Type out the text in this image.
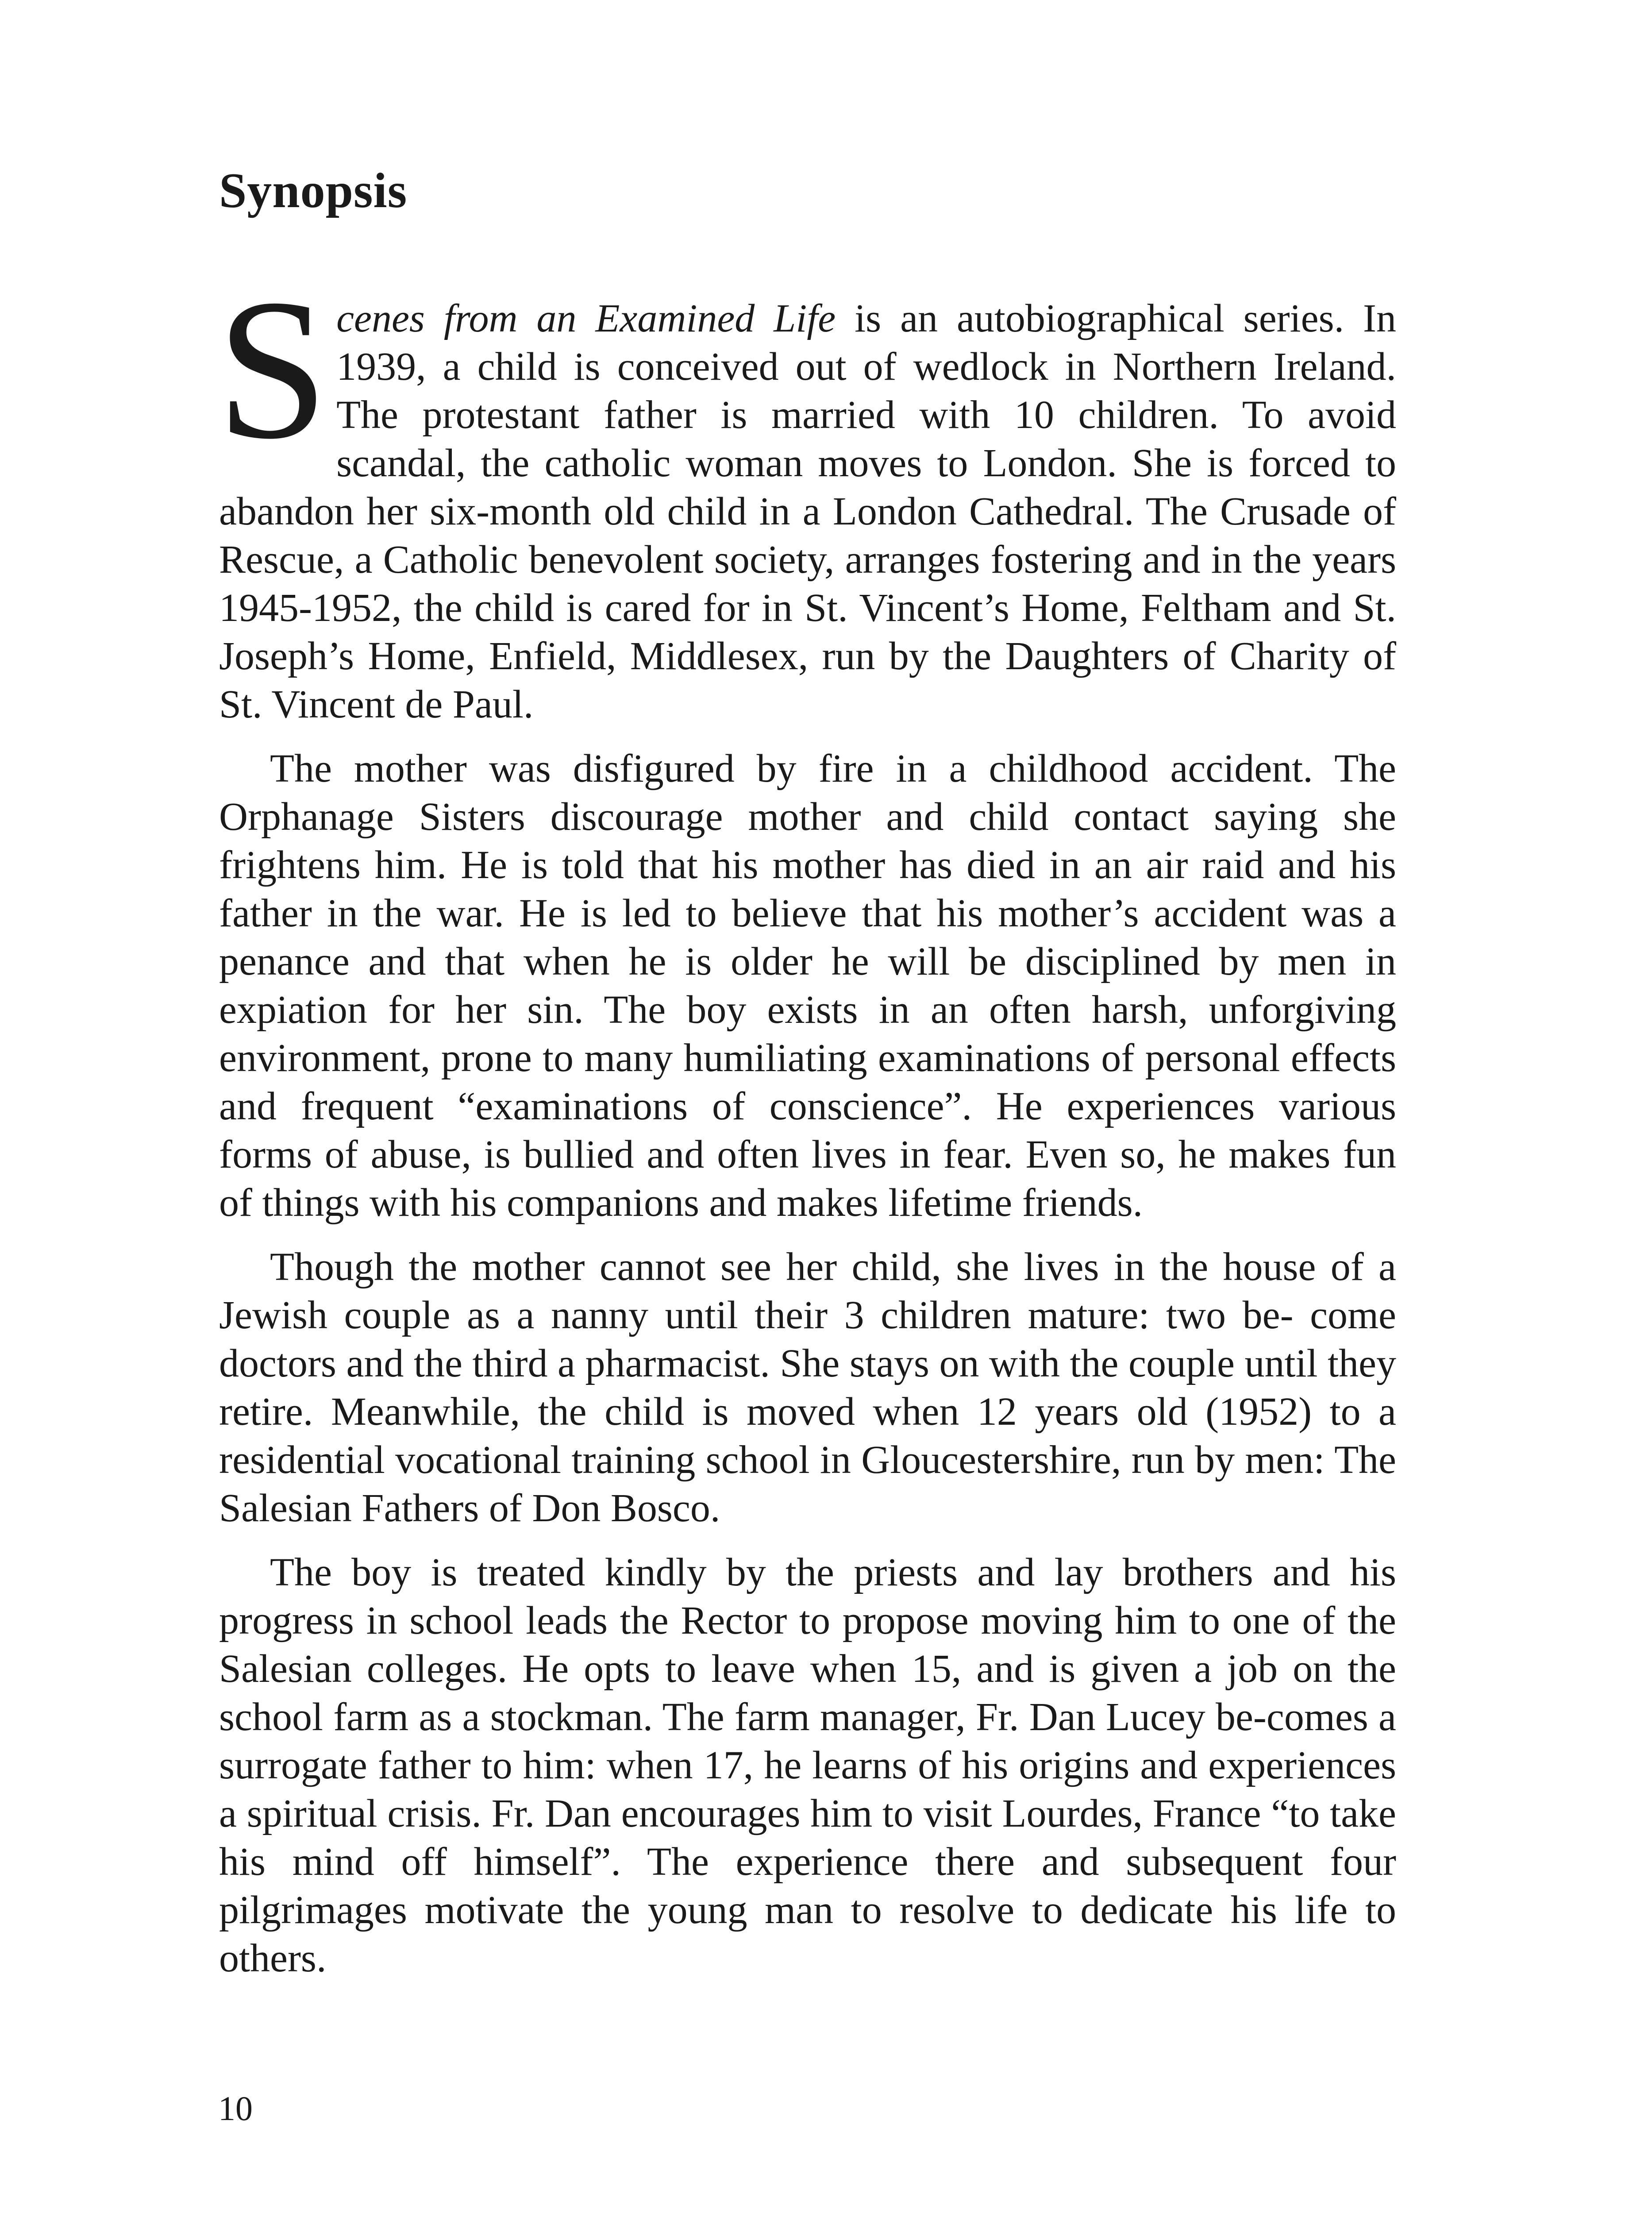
Synopsis

Scenes from an Examined Life is an autobiographical series. In 1939, a child is conceived out of wedlock in Northern Ireland. The protestant father is married with 10 children. To avoid scandal, the catholic woman moves to London. She is forced to abandon her six-month old child in a London Cathedral. The Crusade of Rescue, a Catholic benevolent society, arranges fostering and in the years 1945-1952, the child is cared for in St. Vincent’s Home, Feltham and St. Joseph’s Home, Enfield, Middlesex, run by the Daughters of Charity of St. Vincent de Paul.

The mother was disfigured by fire in a childhood accident. The Orphanage Sisters discourage mother and child contact saying she frightens him. He is told that his mother has died in an air raid and his father in the war. He is led to believe that his mother’s accident was a penance and that when he is older he will be disciplined by men in expiation for her sin. The boy exists in an often harsh, unforgiving environment, prone to many humiliating examinations of personal effects and frequent “examinations of conscience”. He experiences various forms of abuse, is bullied and often lives in fear. Even so, he makes fun of things with his companions and makes lifetime friends.

Though the mother cannot see her child, she lives in the house of a Jewish couple as a nanny until their 3 children mature: two be- come doctors and the third a pharmacist. She stays on with the couple until they retire. Meanwhile, the child is moved when 12 years old (1952) to a residential vocational training school in Gloucestershire, run by men: The Salesian Fathers of Don Bosco.

The boy is treated kindly by the priests and lay brothers and his progress in school leads the Rector to propose moving him to one of the Salesian colleges. He opts to leave when 15, and is given a job on the school farm as a stockman. The farm manager, Fr. Dan Lucey be-comes a surrogate father to him: when 17, he learns of his origins and experiences a spiritual crisis. Fr. Dan encourages him to visit Lourdes, France “to take his mind off himself”. The experience there and subsequent four pilgrimages motivate the young man to resolve to dedicate his life to others.

10
